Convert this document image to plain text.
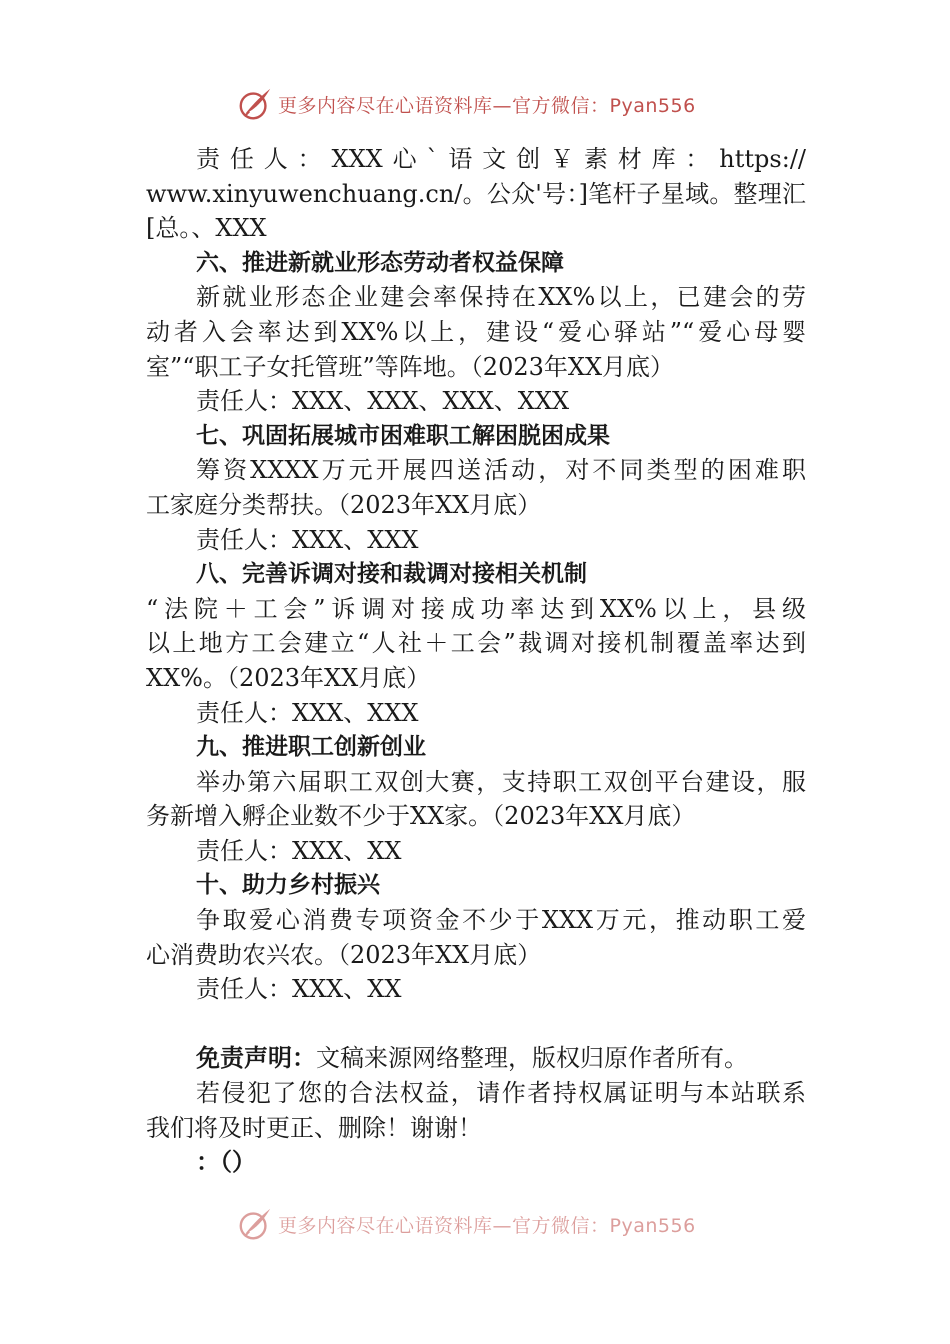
更多内容尽在心语资料库—官方微信：Pyan556
责任人：XXX心`语文创￥素材库：https://
www.xinyuwenchuang.cn/。公众'号：]笔杆子星域。整理汇
[总。、XXX
六、推进新就业形态劳动者权益保障
新就业形态企业建会率保持在XX%以上，已建会的劳
动者入会率达到XX%以上，建设“爱心驿站”“爱心母婴
室”“职工子女托管班”等阵地。（2023年XX月底）
责任人：XXX、XXX、XXX、XXX
七、巩固拓展城市困难职工解困脱困成果
筹资XXXX万元开展四送活动，对不同类型的困难职
工家庭分类帮扶。（2023年XX月底）
责任人：XXX、XXX
八、完善诉调对接和裁调对接相关机制
“法院＋工会”诉调对接成功率达到XX%以上，县级
以上地方工会建立“人社＋工会”裁调对接机制覆盖率达到
XX%。（2023年XX月底）
责任人：XXX、XXX
九、推进职工创新创业
举办第六届职工双创大赛，支持职工双创平台建设，服
务新增入孵企业数不少于XX家。（2023年XX月底）
责任人：XXX、XX
十、助力乡村振兴
争取爱心消费专项资金不少于XXX万元，推动职工爱
心消费助农兴农。（2023年XX月底）
责任人：XXX、XX
免责声明：文稿来源网络整理，版权归原作者所有。
若侵犯了您的合法权益，请作者持权属证明与本站联系
我们将及时更正、删除！谢谢！
：（）
更多内容尽在心语资料库—官方微信：Pyan556
